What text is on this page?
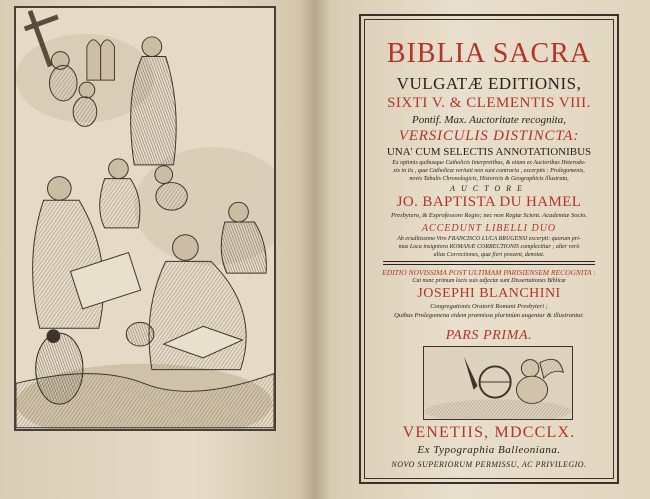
BIBLIA SACRA
VULGATÆ EDITIONIS,
SIXTI V. & CLEMENTIS VIII.
Pontif. Max. Auctoritate recognita,
VERSICULIS DISTINCTA:
UNA' CUM SELECTIS ANNOTATIONIBUS
Ex optimis quibusque Catholicis Interpretibus, & etiam ex Auctoribus Heterodo-
xis in iis , quæ Catholicæ veritati non sunt contraria , excerptis : Prolegomenis,
novis Tabulis Chronologicis, Historicis & Geographicis illustrata,
AUCTORE
JO. BAPTISTA DU HAMEL
Presbytero, & Exprofessore Regio; nec non Regiæ Scient. Academiæ Socio.
ACCEDUNT LIBELLI DUO
Ab eruditissimo Viro FRANCISCO LUCA BRUGENSI excerpti: quorum pri-
mus Loca insigniora ROMANÆ CORRECTIONIS complectitur ; alter verò
alias Correctiones, quæ fieri possent, denotat.
EDITIO NOVISSIMA POST ULTIMAM PARISIENSEM RECOGNITA :
Cui nunc primum locis suis adjectæ sunt Dissertationes Biblicæ
JOSEPHI BLANCHINI
Congregationis Oratorii Romani Presbyteri ;
Quibus Prolegomena eidem præmissa plurimùm augentur & illustrantur.
PARS PRIMA.
VENETIIS, MDCCLX.
Ex Typographia Balleoniana.
NOVO SUPERIORUM PERMISSU, AC PRIVILEGIO.
